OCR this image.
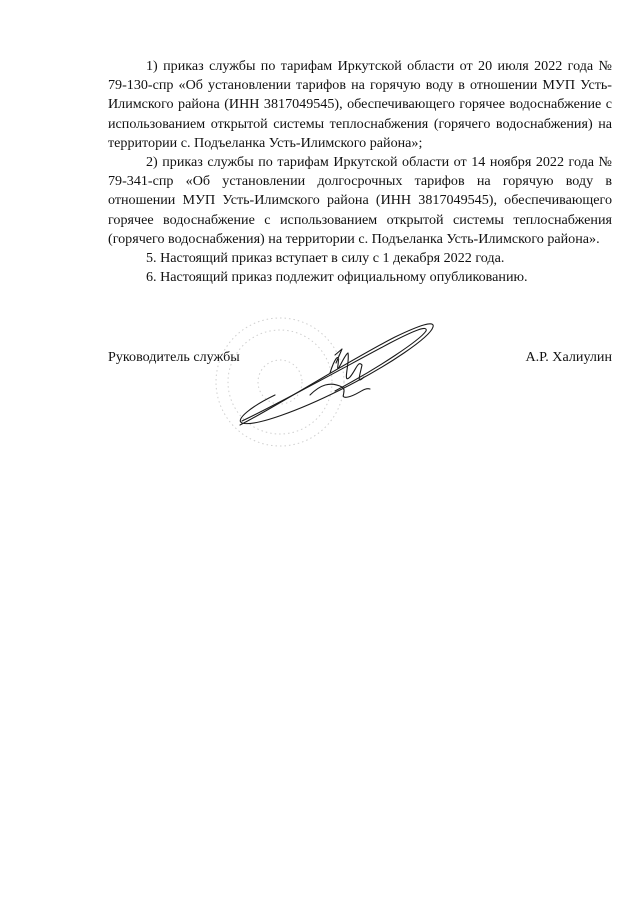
1) приказ службы по тарифам Иркутской области от 20 июля 2022 года № 79-130-спр «Об установлении тарифов на горячую воду в отношении МУП Усть-Илимского района (ИНН 3817049545), обеспечивающего горячее водоснабжение с использованием открытой системы теплоснабжения (горячего водоснабжения) на территории с. Подъеланка Усть-Илимского района»;

2) приказ службы по тарифам Иркутской области от 14 ноября 2022 года № 79-341-спр «Об установлении долгосрочных тарифов на горячую воду в отношении МУП Усть-Илимского района (ИНН 3817049545), обеспечивающего горячее водоснабжение с использованием открытой системы теплоснабжения (горячего водоснабжения) на территории с. Подъеланка Усть-Илимского района».

5. Настоящий приказ вступает в силу с 1 декабря 2022 года.

6. Настоящий приказ подлежит официальному опубликованию.

Руководитель службы	А.Р. Халиулин
